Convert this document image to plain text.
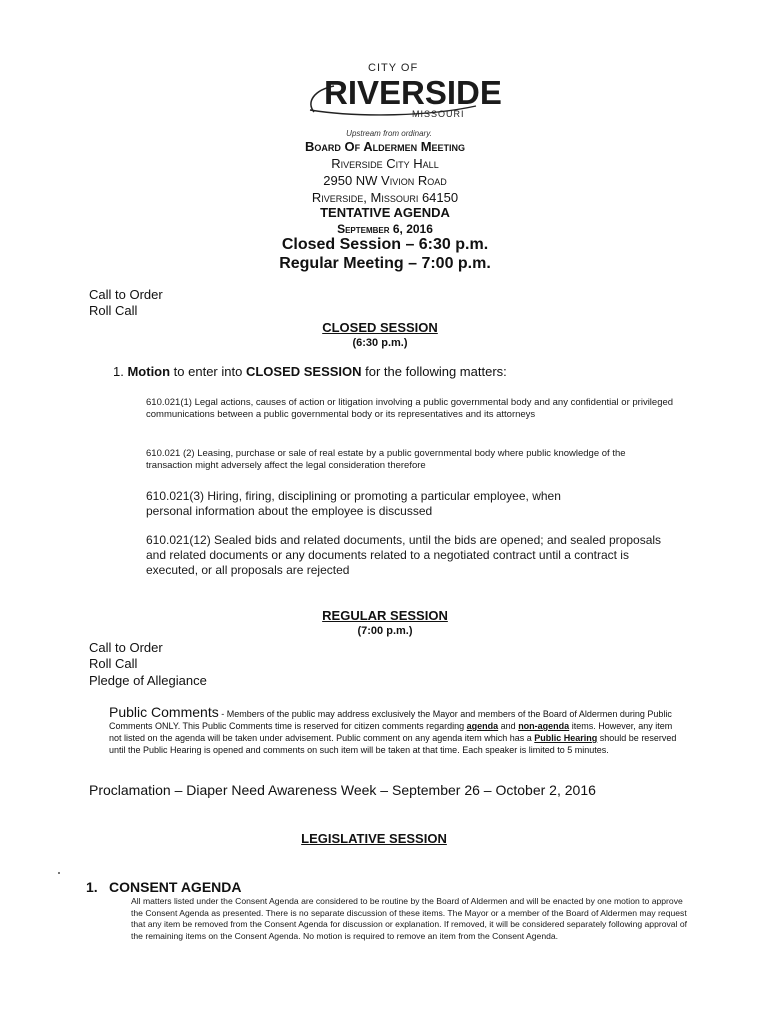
CITY OF
RIVERSIDE
MISSOURI
Upstream from ordinary.
Board Of Aldermen Meeting
Riverside City Hall
2950 NW Vivion Road
Riverside, Missouri 64150
TENTATIVE AGENDA
September 6, 2016
Closed Session – 6:30 p.m.
Regular Meeting – 7:00 p.m.
Call to Order
Roll Call
CLOSED SESSION
(6:30 p.m.)
1. Motion to enter into CLOSED SESSION for the following matters:
610.021(1) Legal actions, causes of action or litigation involving a public governmental body and any confidential or privileged communications between a public governmental body or its representatives and its attorneys
610.021 (2) Leasing, purchase or sale of real estate by a public governmental body where public knowledge of the transaction might adversely affect the legal consideration therefore
610.021(3) Hiring, firing, disciplining or promoting a particular employee, when personal information about the employee is discussed
610.021(12) Sealed bids and related documents, until the bids are opened; and sealed proposals and related documents or any documents related to a negotiated contract until a contract is executed, or all proposals are rejected
REGULAR SESSION
(7:00 p.m.)
Call to Order
Roll Call
Pledge of Allegiance
Public Comments - Members of the public may address exclusively the Mayor and members of the Board of Aldermen during Public Comments ONLY. This Public Comments time is reserved for citizen comments regarding agenda and non-agenda items. However, any item not listed on the agenda will be taken under advisement. Public comment on any agenda item which has a Public Hearing should be reserved until the Public Hearing is opened and comments on such item will be taken at that time. Each speaker is limited to 5 minutes.
Proclamation – Diaper Need Awareness Week – September 26 – October 2, 2016
LEGISLATIVE SESSION
1. CONSENT AGENDA
All matters listed under the Consent Agenda are considered to be routine by the Board of Aldermen and will be enacted by one motion to approve the Consent Agenda as presented. There is no separate discussion of these items. The Mayor or a member of the Board of Aldermen may request that any item be removed from the Consent Agenda for discussion or explanation. If removed, it will be considered separately following approval of the remaining items on the Consent Agenda. No motion is required to remove an item from the Consent Agenda.
